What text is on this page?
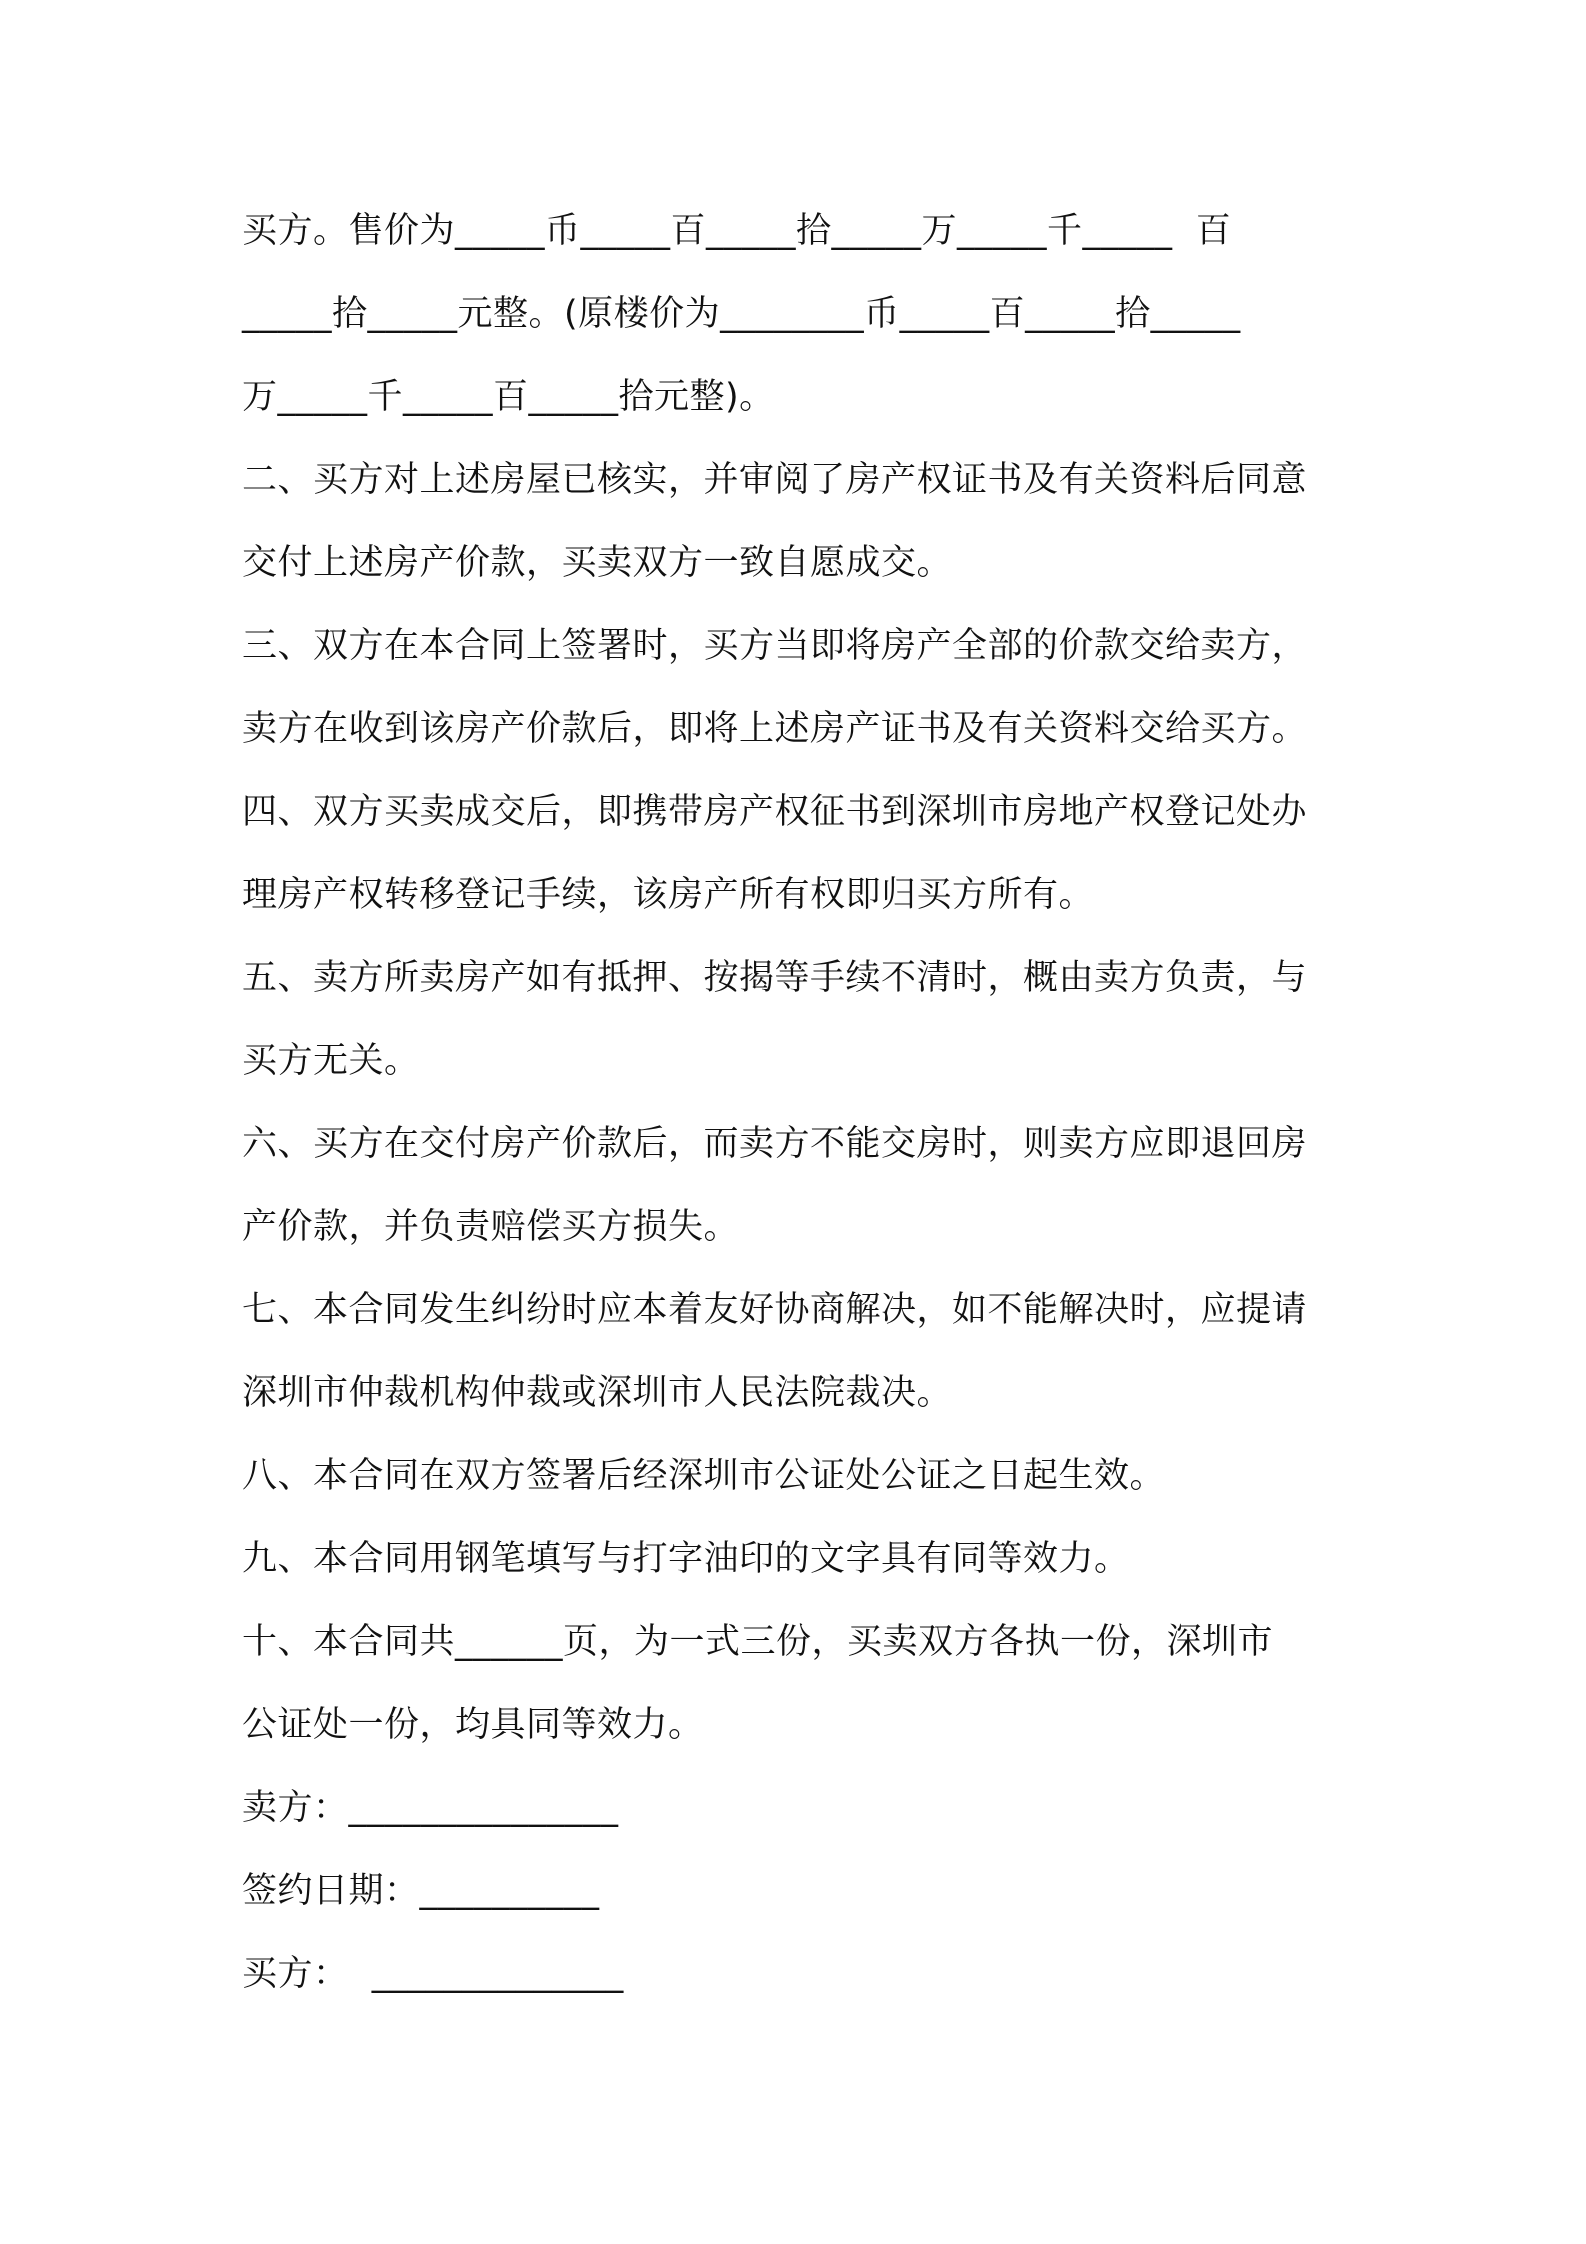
买方。售价为_____币_____百_____拾_____万_____千_____  百
_____拾_____元整。(原楼价为________币_____百_____拾_____
万_____千_____百_____拾元整)。
二、买方对上述房屋已核实，并审阅了房产权证书及有关资料后同意
交付上述房产价款，买卖双方一致自愿成交。
三、双方在本合同上签署时，买方当即将房产全部的价款交给卖方，
卖方在收到该房产价款后，即将上述房产证书及有关资料交给买方。
四、双方买卖成交后，即携带房产权征书到深圳市房地产权登记处办
理房产权转移登记手续，该房产所有权即归买方所有。
五、卖方所卖房产如有抵押、按揭等手续不清时，概由卖方负责，与
买方无关。
六、买方在交付房产价款后，而卖方不能交房时，则卖方应即退回房
产价款，并负责赔偿买方损失。
七、本合同发生纠纷时应本着友好协商解决，如不能解决时，应提请
深圳市仲裁机构仲裁或深圳市人民法院裁决。
八、本合同在双方签署后经深圳市公证处公证之日起生效。
九、本合同用钢笔填写与打字油印的文字具有同等效力。
十、本合同共______页，为一式三份，买卖双方各执一份，深圳市
公证处一份，均具同等效力。
卖方：_______________
签约日期：__________
买方：  ______________
